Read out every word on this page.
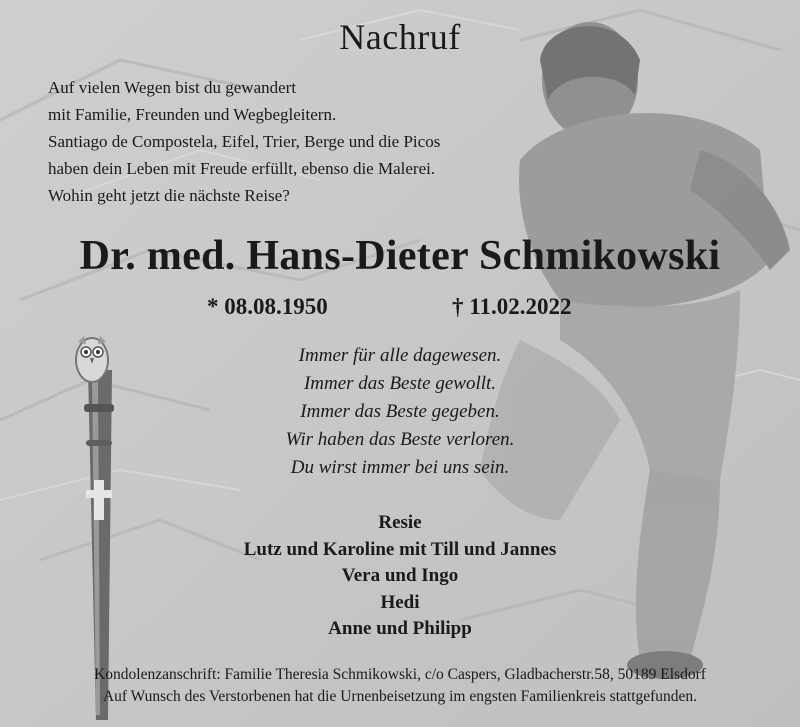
Nachruf
Auf vielen Wegen bist du gewandert
mit Familie, Freunden und Wegbegleitern.
Santiago de Compostela, Eifel, Trier, Berge und die Picos
haben dein Leben mit Freude erfüllt, ebenso die Malerei.
Wohin geht jetzt die nächste Reise?
Dr. med. Hans-Dieter Schmikowski
* 08.08.1950	† 11.02.2022
Immer für alle dagewesen.
Immer das Beste gewollt.
Immer das Beste gegeben.
Wir haben das Beste verloren.
Du wirst immer bei uns sein.
Resie
Lutz und Karoline mit Till und Jannes
Vera und Ingo
Hedi
Anne und Philipp

Kondolenzanschrift: Familie Theresia Schmikowski, c/o Caspers, Gladbacherstr.58, 50189 Elsdorf

Auf Wunsch des Verstorbenen hat die Urnenbeisetzung im engsten Familienkreis stattgefunden.
